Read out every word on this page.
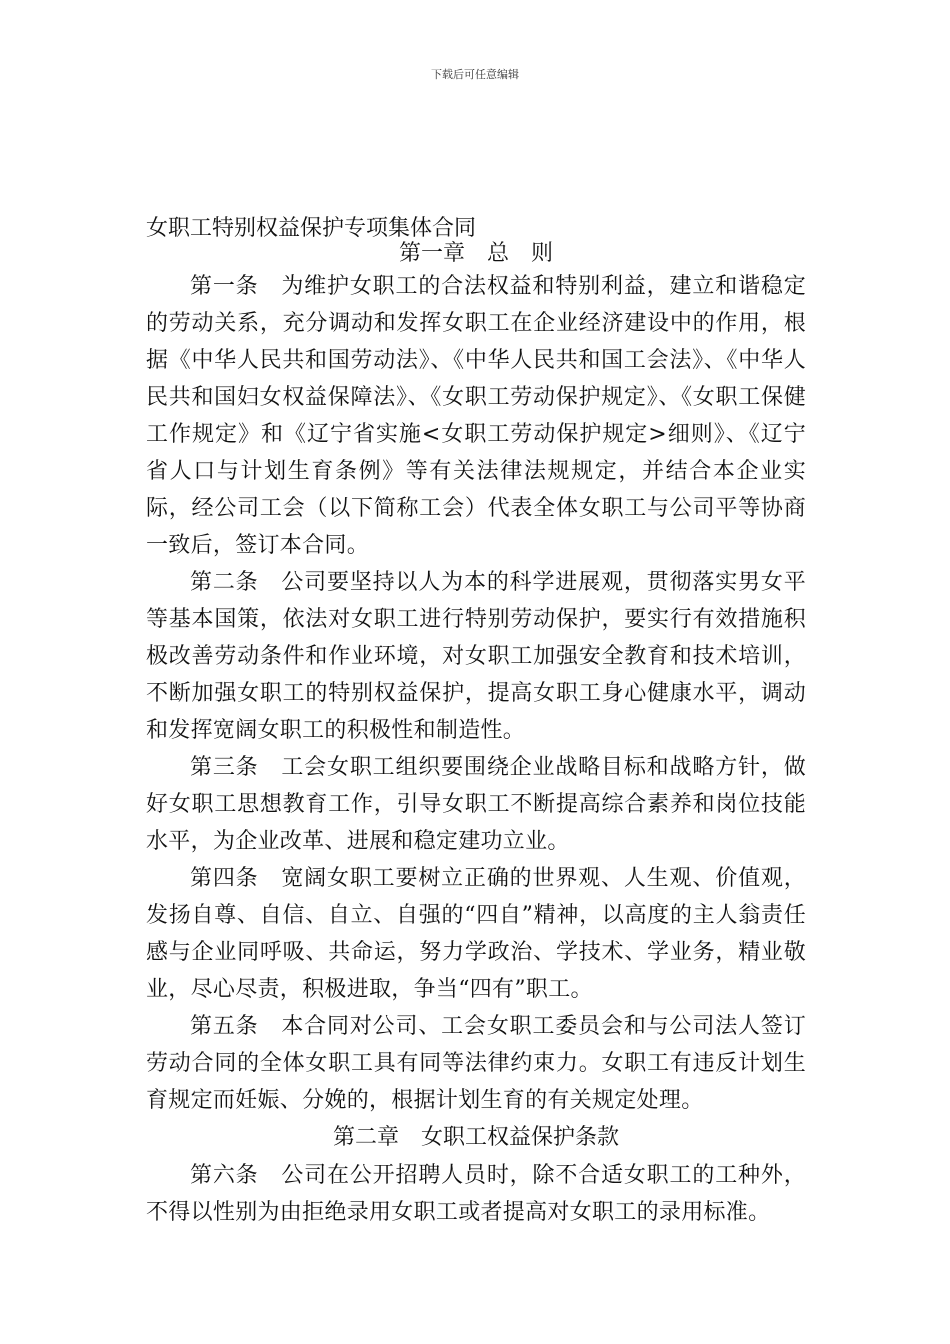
下载后可任意编辑
女职工特别权益保护专项集体合同

第一章　总　则

第一条　为维护女职工的合法权益和特别利益，建立和谐稳定的劳动关系，充分调动和发挥女职工在企业经济建设中的作用，根据《中华人民共和国劳动法》、《中华人民共和国工会法》、《中华人民共和国妇女权益保障法》、《女职工劳动保护规定》、《女职工保健工作规定》和《辽宁省实施<女职工劳动保护规定>细则》、《辽宁省人口与计划生育条例》等有关法律法规规定，并结合本企业实际，经公司工会（以下简称工会）代表全体女职工与公司平等协商一致后，签订本合同。

第二条　公司要坚持以人为本的科学进展观，贯彻落实男女平等基本国策，依法对女职工进行特别劳动保护，要实行有效措施积极改善劳动条件和作业环境，对女职工加强安全教育和技术培训，不断加强女职工的特别权益保护，提高女职工身心健康水平，调动和发挥宽阔女职工的积极性和制造性。

第三条　工会女职工组织要围绕企业战略目标和战略方针，做好女职工思想教育工作，引导女职工不断提高综合素养和岗位技能水平，为企业改革、进展和稳定建功立业。

第四条　宽阔女职工要树立正确的世界观、人生观、价值观，发扬自尊、自信、自立、自强的“四自”精神，以高度的主人翁责任感与企业同呼吸、共命运，努力学政治、学技术、学业务，精业敬业，尽心尽责，积极进取，争当“四有”职工。

第五条　本合同对公司、工会女职工委员会和与公司法人签订劳动合同的全体女职工具有同等法律约束力。女职工有违反计划生育规定而妊娠、分娩的，根据计划生育的有关规定处理。

第二章　女职工权益保护条款

第六条　公司在公开招聘人员时，除不合适女职工的工种外，不得以性别为由拒绝录用女职工或者提高对女职工的录用标准。
